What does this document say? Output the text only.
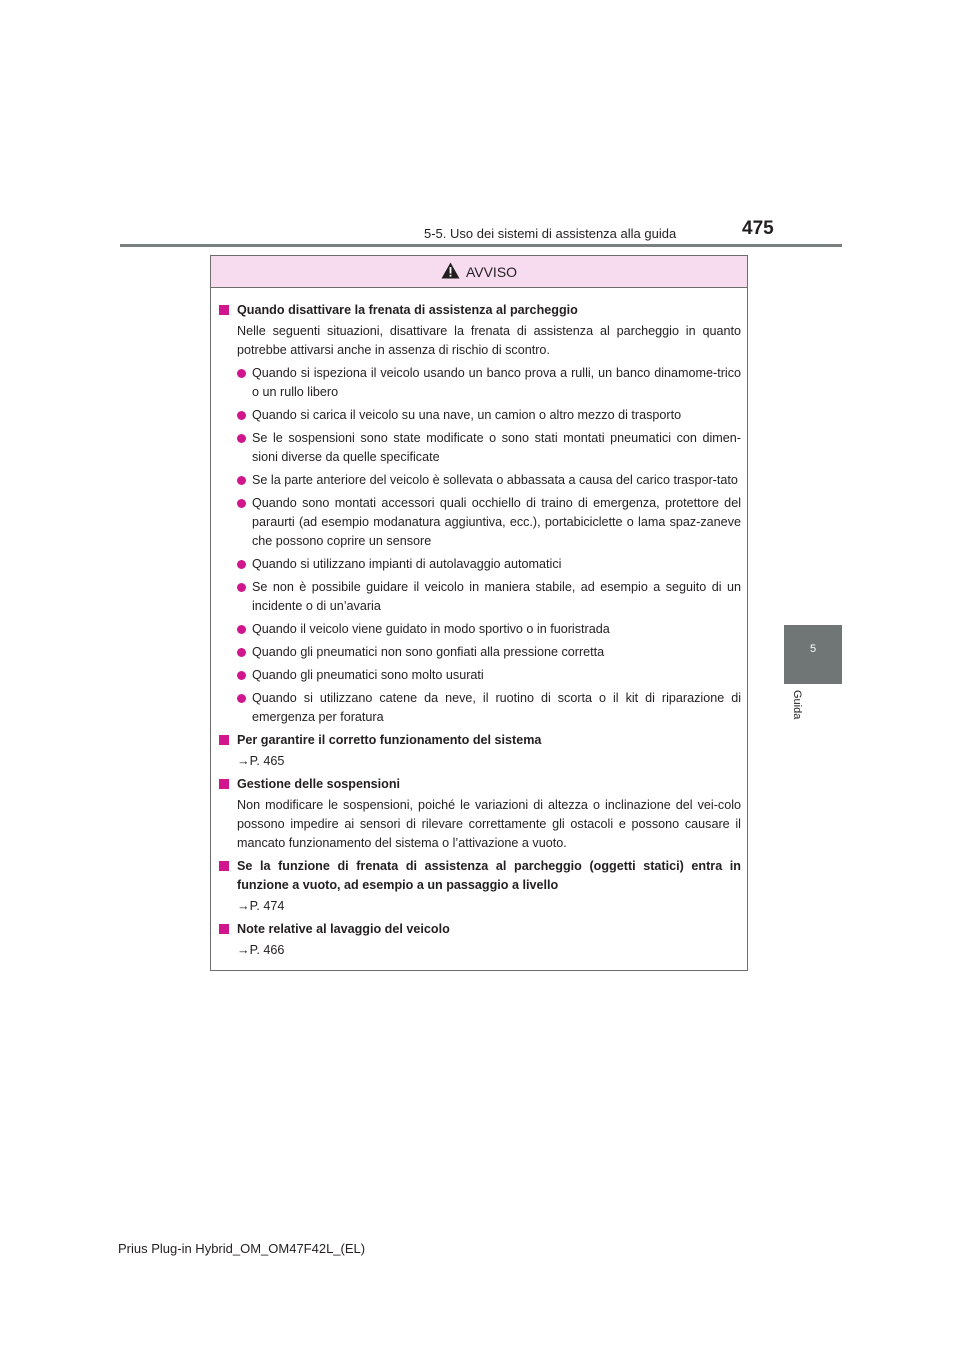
5-5. Uso dei sistemi di assistenza alla guida	475
5
Guida
AVVISO
Quando disattivare la frenata di assistenza al parcheggio
Nelle seguenti situazioni, disattivare la frenata di assistenza al parcheggio in quanto potrebbe attivarsi anche in assenza di rischio di scontro.
Quando si ispeziona il veicolo usando un banco prova a rulli, un banco dinamome-trico o un rullo libero
Quando si carica il veicolo su una nave, un camion o altro mezzo di trasporto
Se le sospensioni sono state modificate o sono stati montati pneumatici con dimen-sioni diverse da quelle specificate
Se la parte anteriore del veicolo è sollevata o abbassata a causa del carico traspor-tato
Quando sono montati accessori quali occhiello di traino di emergenza, protettore del paraurti (ad esempio modanatura aggiuntiva, ecc.), portabiciclette o lama spaz-zaneve che possono coprire un sensore
Quando si utilizzano impianti di autolavaggio automatici
Se non è possibile guidare il veicolo in maniera stabile, ad esempio a seguito di un incidente o di un’avaria
Quando il veicolo viene guidato in modo sportivo o in fuoristrada
Quando gli pneumatici non sono gonfiati alla pressione corretta
Quando gli pneumatici sono molto usurati
Quando si utilizzano catene da neve, il ruotino di scorta o il kit di riparazione di emergenza per foratura
Per garantire il corretto funzionamento del sistema
→P. 465
Gestione delle sospensioni
Non modificare le sospensioni, poiché le variazioni di altezza o inclinazione del vei-colo possono impedire ai sensori di rilevare correttamente gli ostacoli e possono causare il mancato funzionamento del sistema o l’attivazione a vuoto.
Se la funzione di frenata di assistenza al parcheggio (oggetti statici) entra in funzione a vuoto, ad esempio a un passaggio a livello
→P. 474
Note relative al lavaggio del veicolo
→P. 466
Prius Plug-in Hybrid_OM_OM47F42L_(EL)
